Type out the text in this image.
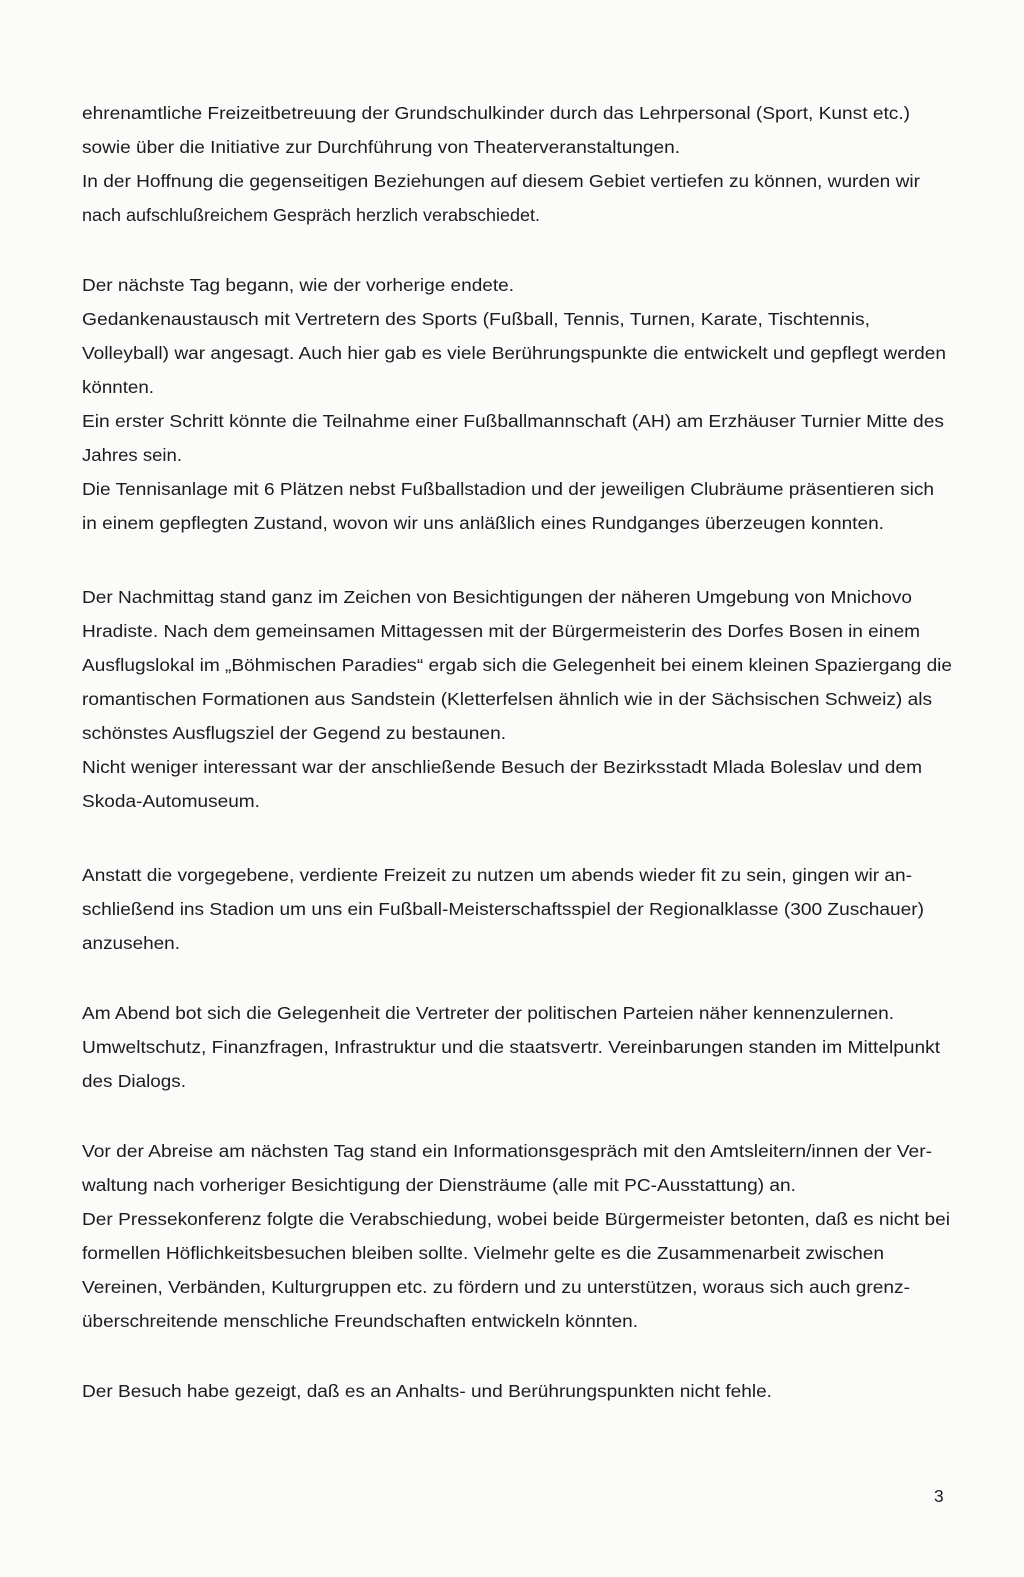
ehrenamtliche Freizeitbetreuung der Grundschulkinder durch das Lehrpersonal (Sport, Kunst etc.)
sowie über die Initiative zur Durchführung von Theaterveranstaltungen.
In der Hoffnung die gegenseitigen Beziehungen auf diesem Gebiet vertiefen zu können, wurden wir
nach aufschlußreichem Gespräch herzlich verabschiedet.
Der nächste Tag begann, wie der vorherige endete.
Gedankenaustausch mit Vertretern des Sports (Fußball, Tennis, Turnen, Karate, Tischtennis,
Volleyball) war angesagt. Auch hier gab es viele Berührungspunkte die entwickelt und gepflegt werden
könnten.
Ein erster Schritt könnte die Teilnahme einer Fußballmannschaft (AH) am Erzhäuser Turnier Mitte des
Jahres sein.
Die Tennisanlage mit 6 Plätzen nebst Fußballstadion und der jeweiligen Clubräume präsentieren sich
in einem gepflegten Zustand, wovon wir uns anläßlich eines Rundganges überzeugen konnten.
Der Nachmittag stand ganz im Zeichen von Besichtigungen der näheren Umgebung von Mnichovo
Hradiste. Nach dem gemeinsamen Mittagessen mit der Bürgermeisterin des Dorfes Bosen in einem
Ausflugslokal im „Böhmischen Paradies“ ergab sich die Gelegenheit bei einem kleinen Spaziergang die
romantischen Formationen aus Sandstein (Kletterfelsen ähnlich wie in der Sächsischen Schweiz) als
schönstes Ausflugsziel der Gegend zu bestaunen.
Nicht weniger interessant war der anschließende Besuch der Bezirksstadt Mlada Boleslav und dem
Skoda-Automuseum.
Anstatt die vorgegebene, verdiente Freizeit zu nutzen um abends wieder fit zu sein, gingen wir an-
schließend ins Stadion um uns ein Fußball-Meisterschaftsspiel der Regionalklasse (300 Zuschauer)
anzusehen.
Am Abend bot sich die Gelegenheit die Vertreter der politischen Parteien näher kennenzulernen.
Umweltschutz, Finanzfragen, Infrastruktur und die staatsvertr. Vereinbarungen standen im Mittelpunkt
des Dialogs.
Vor der Abreise am nächsten Tag stand ein Informationsgespräch mit den Amtsleitern/innen der Ver-
waltung nach vorheriger Besichtigung der Diensträume (alle mit PC-Ausstattung) an.
Der Pressekonferenz folgte die Verabschiedung, wobei beide Bürgermeister betonten, daß es nicht bei
formellen Höflichkeitsbesuchen bleiben sollte. Vielmehr gelte es die Zusammenarbeit zwischen
Vereinen, Verbänden, Kulturgruppen etc. zu fördern und zu unterstützen, woraus sich auch grenz-
überschreitende menschliche Freundschaften entwickeln könnten.
Der Besuch habe gezeigt, daß es an Anhalts- und Berührungspunkten nicht fehle.
3
